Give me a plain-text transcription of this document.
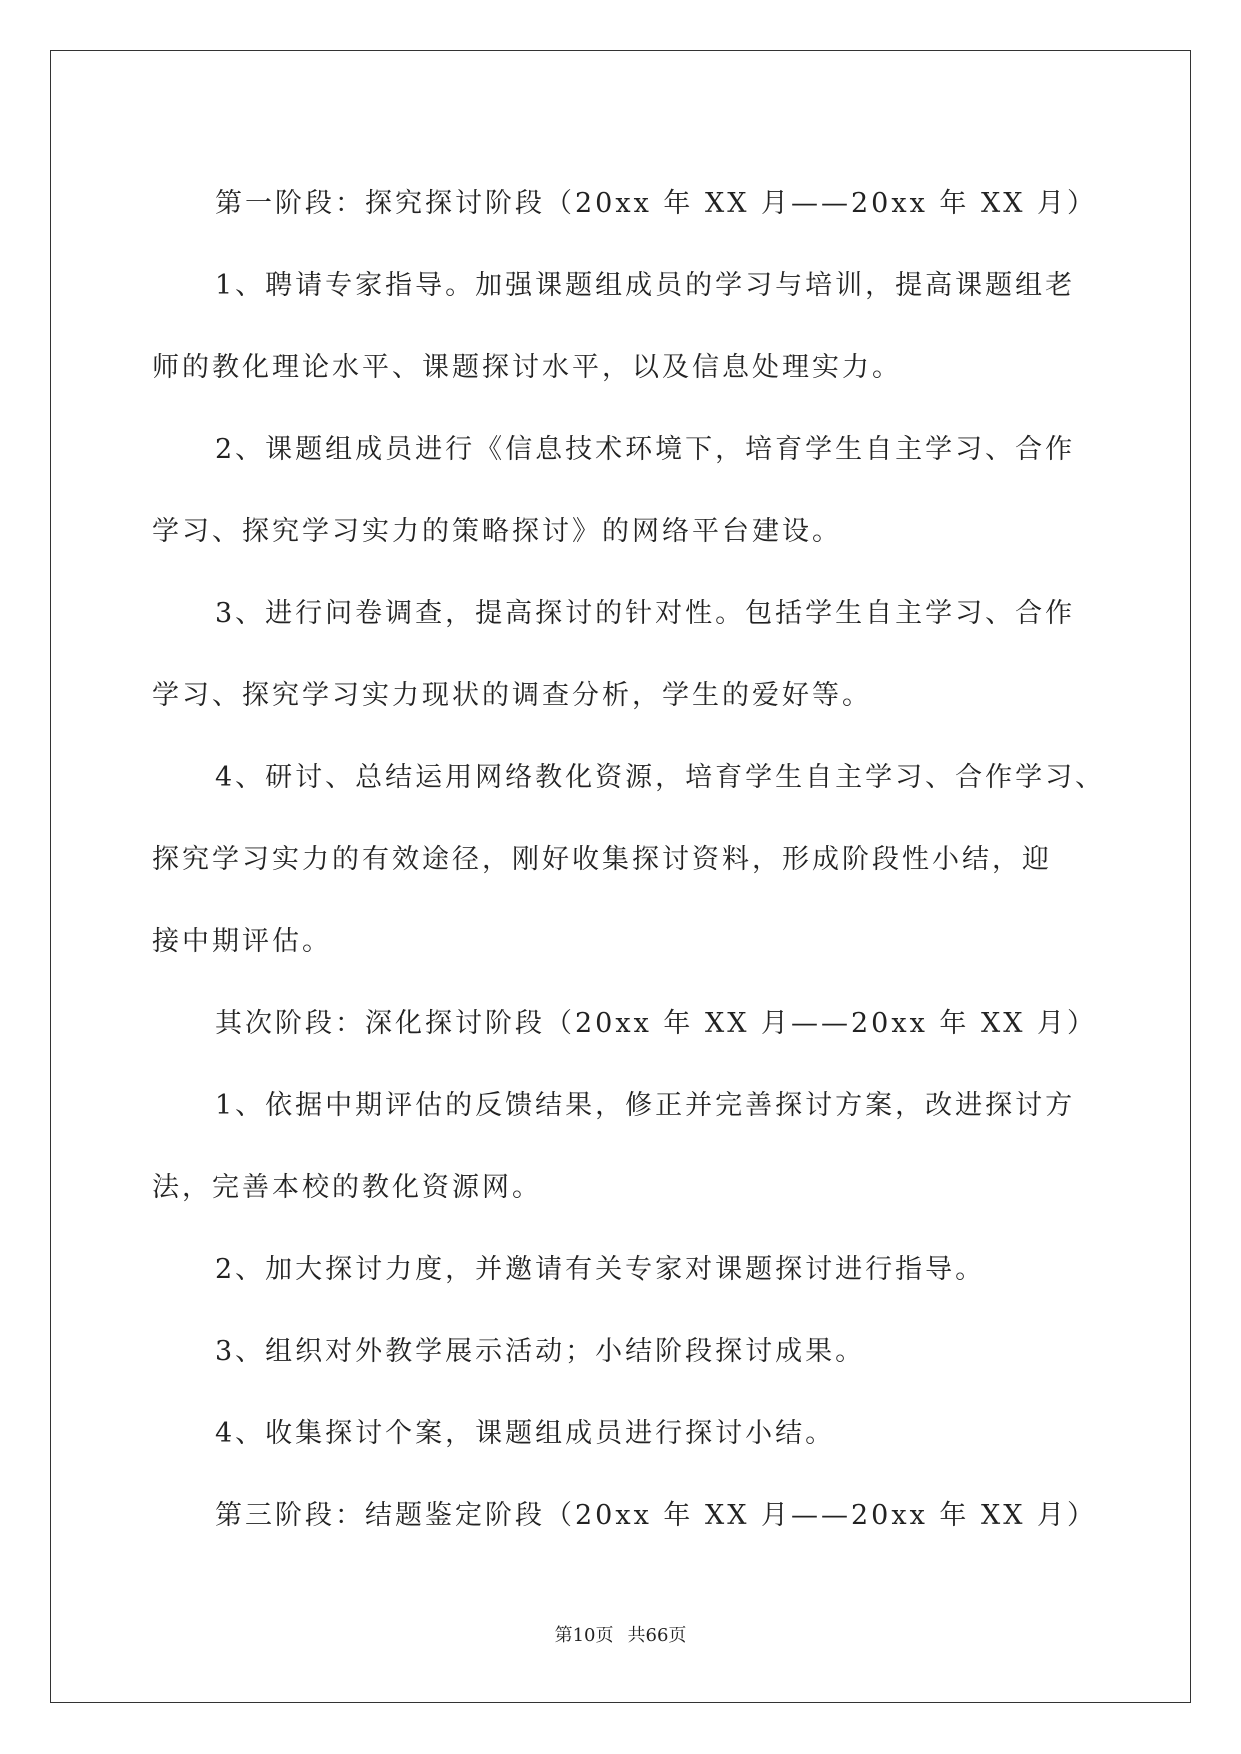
第一阶段：探究探讨阶段（20xx 年 XX 月——20xx 年 XX 月）

1、聘请专家指导。加强课题组成员的学习与培训，提高课题组老

师的教化理论水平、课题探讨水平，以及信息处理实力。

2、课题组成员进行《信息技术环境下，培育学生自主学习、合作

学习、探究学习实力的策略探讨》的网络平台建设。

3、进行问卷调查，提高探讨的针对性。包括学生自主学习、合作

学习、探究学习实力现状的调查分析，学生的爱好等。

4、研讨、总结运用网络教化资源，培育学生自主学习、合作学习、

探究学习实力的有效途径，刚好收集探讨资料，形成阶段性小结，迎

接中期评估。

其次阶段：深化探讨阶段（20xx 年 XX 月——20xx 年 XX 月）

1、依据中期评估的反馈结果，修正并完善探讨方案，改进探讨方

法，完善本校的教化资源网。

2、加大探讨力度，并邀请有关专家对课题探讨进行指导。

3、组织对外教学展示活动；小结阶段探讨成果。

4、收集探讨个案，课题组成员进行探讨小结。

第三阶段：结题鉴定阶段（20xx 年 XX 月——20xx 年 XX 月）

第10页 共66页
